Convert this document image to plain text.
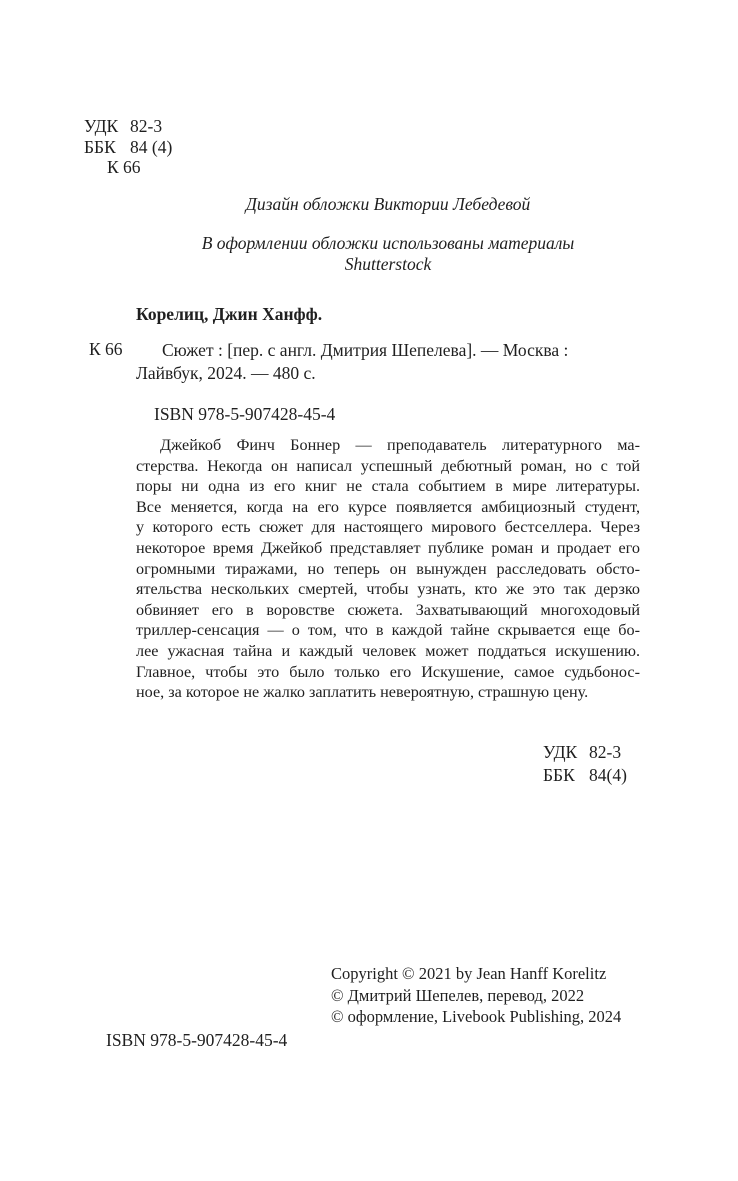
УДК 82-3
ББК 84 (4)
К 66
Дизайн обложки Виктории Лебедевой
В оформлении обложки использованы материалы
Shutterstock
Корелиц, Джин Ханфф.
К 66	Сюжет : [пер. с англ. Дмитрия Шепелева]. — Москва :
Лайвбук, 2024. — 480 с.
ISBN 978-5-907428-45-4
Джейкоб Финч Боннер — преподаватель литературного ма-
стерства. Некогда он написал успешный дебютный роман, но с той
поры ни одна из его книг не стала событием в мире литературы.
Все меняется, когда на его курсе появляется амбициозный студент,
у которого есть сюжет для настоящего мирового бестселлера. Через
некоторое время Джейкоб представляет публике роман и продает его
огромными тиражами, но теперь он вынужден расследовать обсто-
ятельства нескольких смертей, чтобы узнать, кто же это так дерзко
обвиняет его в воровстве сюжета. Захватывающий многоходовый
триллер-сенсация — о том, что в каждой тайне скрывается еще бо-
лее ужасная тайна и каждый человек может поддаться искушению.
Главное, чтобы это было только его Искушение, самое судьбонос-
ное, за которое не жалко заплатить невероятную, страшную цену.
УДК 82-3
ББК 84(4)
Copyright © 2021 by Jean Hanff Korelitz
© Дмитрий Шепелев, перевод, 2022
© оформление, Livebook Publishing, 2024
ISBN 978-5-907428-45-4
